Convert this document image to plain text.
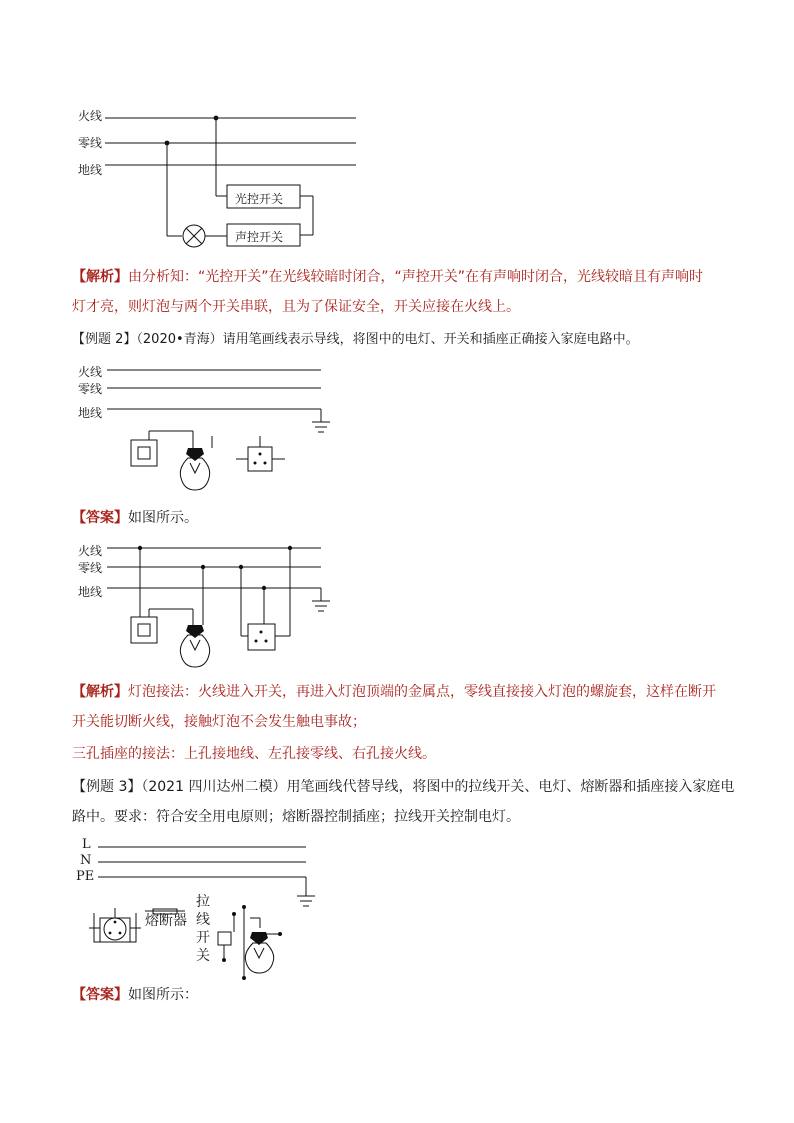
火线
零线
地线
光控开关
声控开关
【解析】由分析知：“光控开关”在光线较暗时闭合，“声控开关”在有声响时闭合，光线较暗且有声响时
灯才亮，则灯泡与两个开关串联，且为了保证安全，开关应接在火线上。
【例题 2】（2020•青海）请用笔画线表示导线，将图中的电灯、开关和插座正确接入家庭电路中。
火线
零线
地线
【答案】如图所示。
火线
零线
地线
【解析】灯泡接法：火线进入开关，再进入灯泡顶端的金属点，零线直接接入灯泡的螺旋套，这样在断开
开关能切断火线，接触灯泡不会发生触电事故；
三孔插座的接法：上孔接地线、左孔接零线、右孔接火线。
【例题 3】（2021 四川达州二模）用笔画线代替导线，将图中的拉线开关、电灯、熔断器和插座接入家庭电
路中。要求：符合安全用电原则；熔断器控制插座；拉线开关控制电灯。
L
N
PE
熔断器
拉
线
开
关
【答案】如图所示：
